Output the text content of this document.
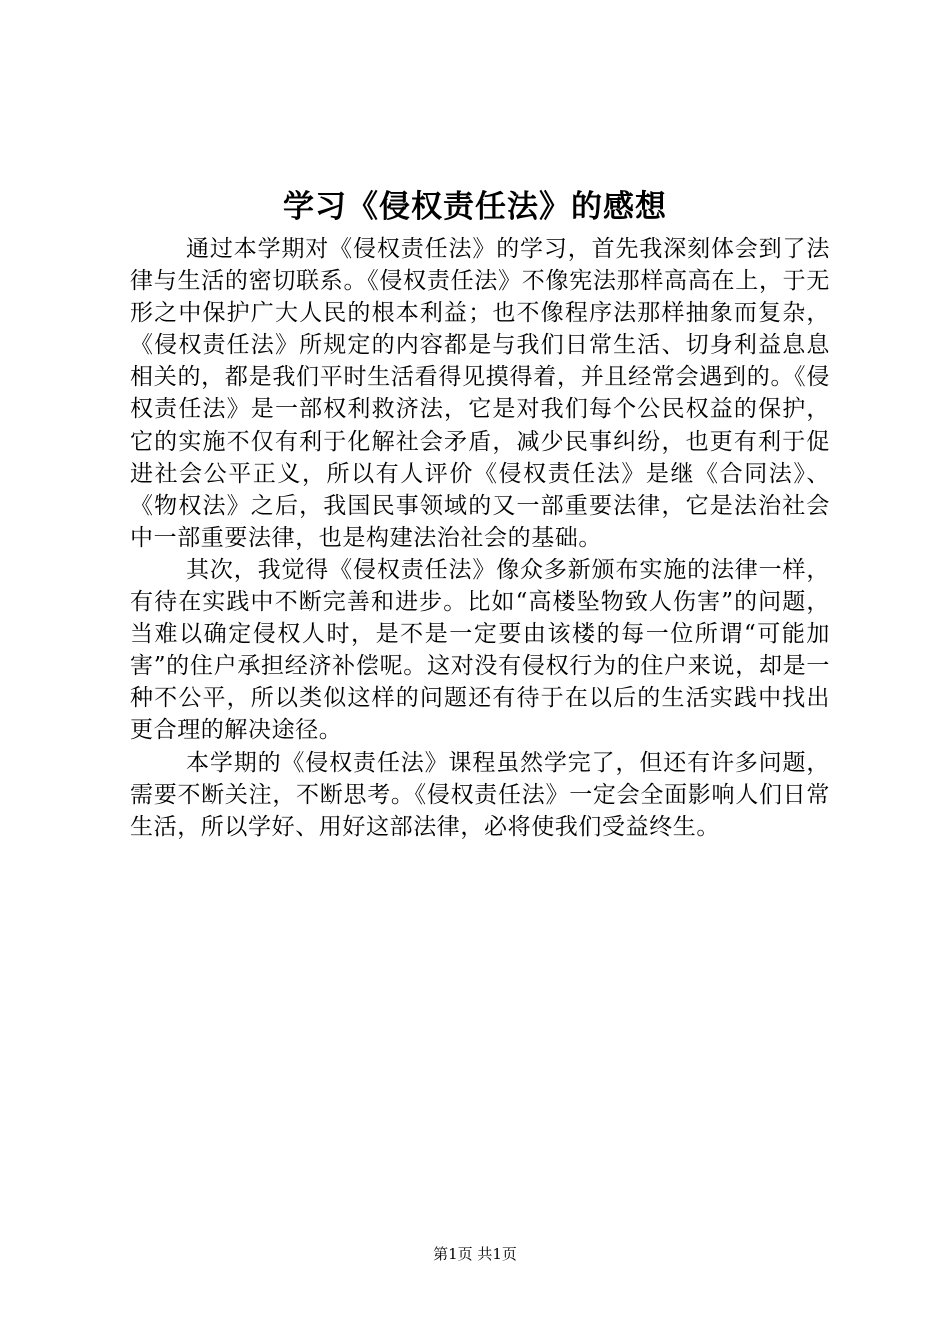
学习《侵权责任法》的感想

通过本学期对《侵权责任法》的学习，首先我深刻体会到了法律与生活的密切联系。《侵权责任法》不像宪法那样高高在上，于无形之中保护广大人民的根本利益；也不像程序法那样抽象而复杂，《侵权责任法》所规定的内容都是与我们日常生活、切身利益息息相关的，都是我们平时生活看得见摸得着，并且经常会遇到的。《侵权责任法》是一部权利救济法，它是对我们每个公民权益的保护，它的实施不仅有利于化解社会矛盾，减少民事纠纷，也更有利于促进社会公平正义，所以有人评价《侵权责任法》是继《合同法》、《物权法》之后，我国民事领域的又一部重要法律，它是法治社会中一部重要法律，也是构建法治社会的基础。

其次，我觉得《侵权责任法》像众多新颁布实施的法律一样，有待在实践中不断完善和进步。比如“高楼坠物致人伤害”的问题，当难以确定侵权人时，是不是一定要由该楼的每一位所谓“可能加害”的住户承担经济补偿呢。这对没有侵权行为的住户来说，却是一种不公平，所以类似这样的问题还有待于在以后的生活实践中找出更合理的解决途径。

本学期的《侵权责任法》课程虽然学完了，但还有许多问题，需要不断关注，不断思考。《侵权责任法》一定会全面影响人们日常生活，所以学好、用好这部法律，必将使我们受益终生。

第1页 共1页
